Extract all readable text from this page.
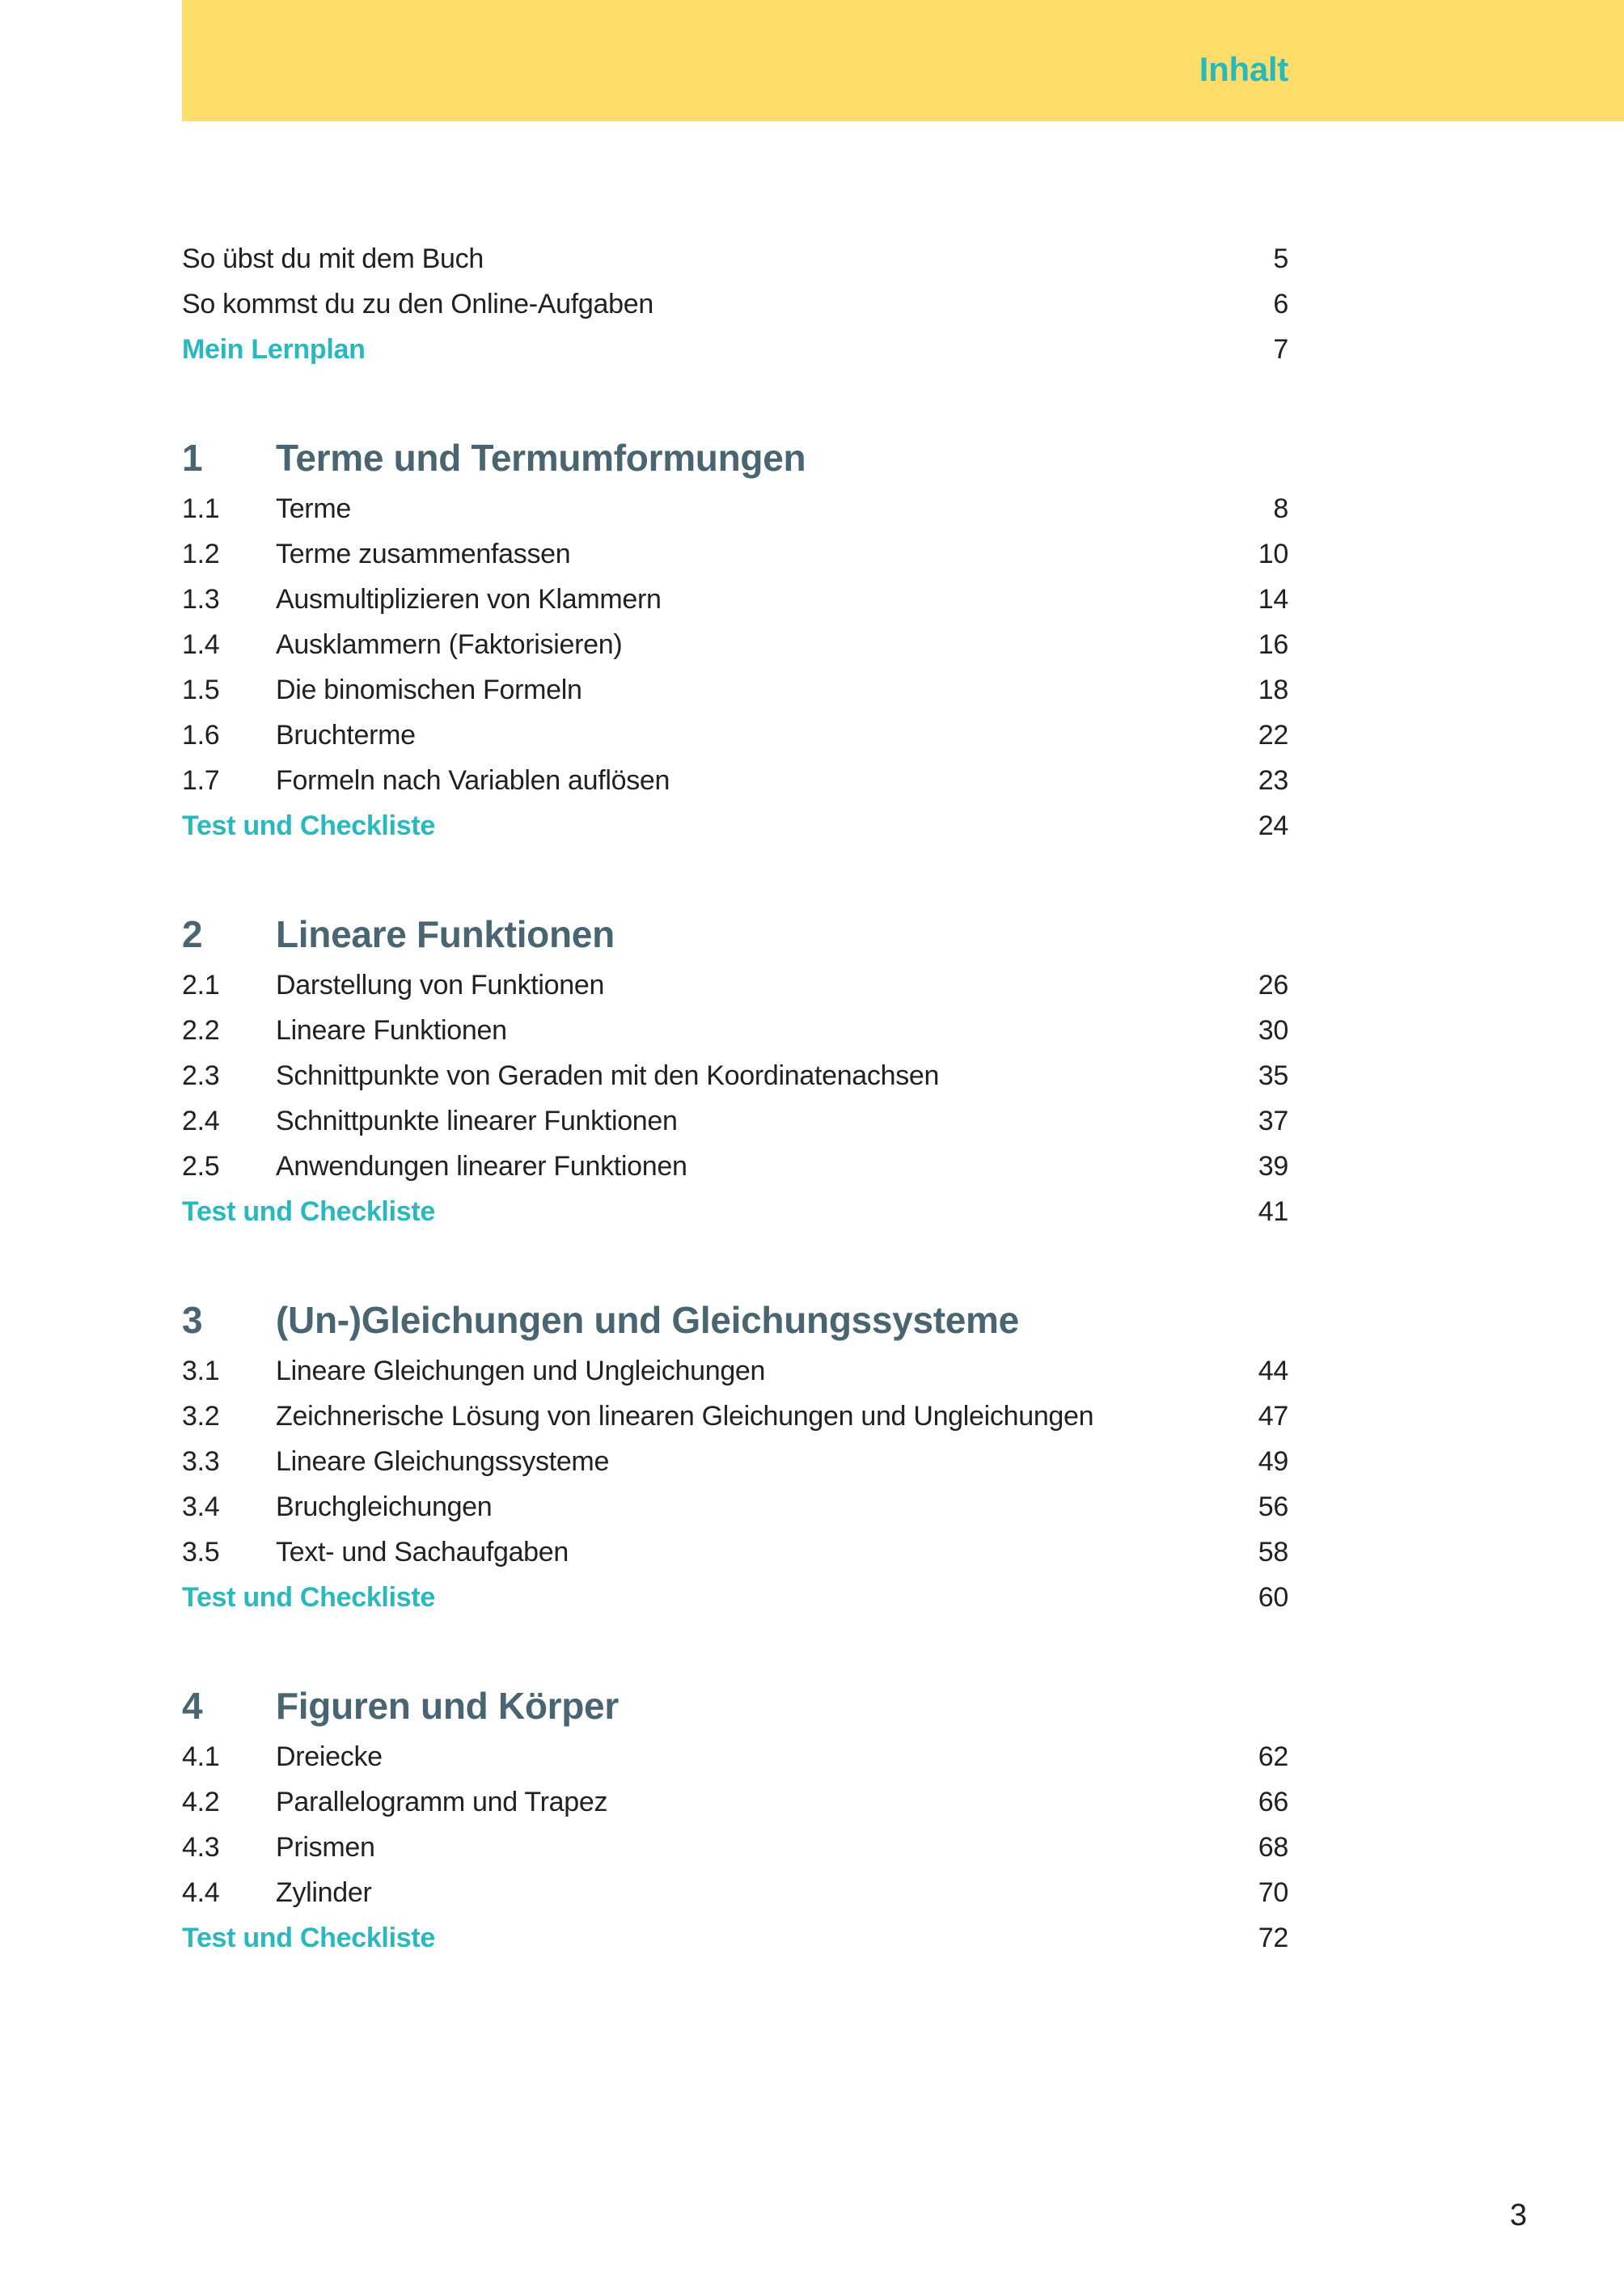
Inhalt
So übst du mit dem Buch	5
So kommst du zu den Online-Aufgaben	6
Mein Lernplan	7
1	Terme und Termumformungen
1.1	Terme	8
1.2	Terme zusammenfassen	10
1.3	Ausmultiplizieren von Klammern	14
1.4	Ausklammern (Faktorisieren)	16
1.5	Die binomischen Formeln	18
1.6	Bruchterme	22
1.7	Formeln nach Variablen auflösen	23
Test und Checkliste	24
2	Lineare Funktionen
2.1	Darstellung von Funktionen	26
2.2	Lineare Funktionen	30
2.3	Schnittpunkte von Geraden mit den Koordinatenachsen	35
2.4	Schnittpunkte linearer Funktionen	37
2.5	Anwendungen linearer Funktionen	39
Test und Checkliste	41
3	(Un-)Gleichungen und Gleichungssysteme
3.1	Lineare Gleichungen und Ungleichungen	44
3.2	Zeichnerische Lösung von linearen Gleichungen und Ungleichungen	47
3.3	Lineare Gleichungssysteme	49
3.4	Bruchgleichungen	56
3.5	Text- und Sachaufgaben	58
Test und Checkliste	60
4	Figuren und Körper
4.1	Dreiecke	62
4.2	Parallelogramm und Trapez	66
4.3	Prismen	68
4.4	Zylinder	70
Test und Checkliste	72
3
